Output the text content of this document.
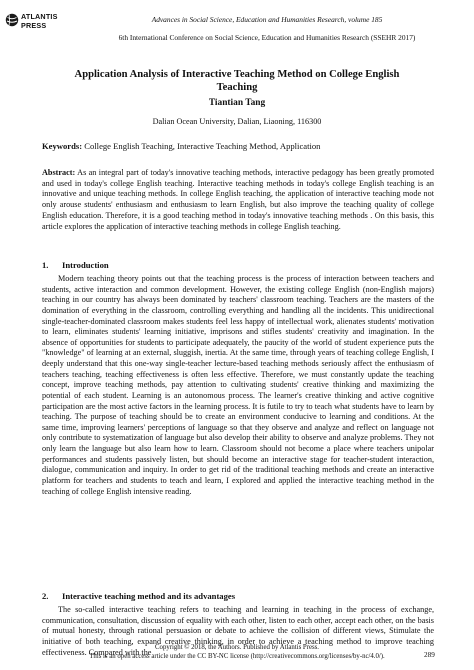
ATLANTIS
PRESS
Advances in Social Science, Education and Humanities Research, volume 185
6th International Conference on Social Science, Education and Humanities Research (SSEHR 2017)
Application Analysis of Interactive Teaching Method on College English
Teaching
Tiantian Tang
Dalian Ocean University, Dalian, Liaoning, 116300
Keywords: College English Teaching, Interactive Teaching Method, Application
Abstract: As an integral part of today's innovative teaching methods, interactive pedagogy has been greatly promoted and used in today's college English teaching. Interactive teaching methods in today's college English teaching is an innovative and unique teaching methods. In college English teaching, the application of interactive teaching mode not only arouse students' enthusiasm and enthusiasm to learn English, but also improve the teaching quality of college English education. Therefore, it is a good teaching method in today's innovative teaching methods . On this basis, this article explores the application of interactive teaching methods in college English teaching.
1. Introduction
Modern teaching theory points out that the teaching process is the process of interaction between teachers and students, active interaction and common development. However, the existing college English (non-English majors) teaching in our country has always been dominated by teachers' classroom teaching. Teachers are the masters of the domination of everything in the classroom, controlling everything and handling all the incidents. This unidirectional single-teacher-dominated classroom makes students feel less happy of intellectual work, alienates students' motivation to learn, eliminates students' learning initiative, imprisons and stifles students' creativity and imagination. In the absence of opportunities for students to participate adequately, the paucity of the world of student experience puts the "knowledge" of learning at an external, sluggish, inertia. At the same time, through years of teaching college English, I deeply understand that this one-way single-teacher lecture-based teaching methods seriously affect the enthusiasm of teachers teaching, teaching effectiveness is often less effective. Therefore, we must constantly update the teaching concept, improve teaching methods, pay attention to cultivating students' creative thinking and maximizing the potential of each student. Learning is an autonomous process. The learner's creative thinking and active cognitive participation are the most active factors in the learning process. It is futile to try to teach what students have to learn by teaching. The purpose of teaching should be to create an environment conducive to learning and conditions. At the same time, improving learners' perceptions of language so that they observe and analyze and reflect on language not only contribute to systematization of language but also develop their ability to observe and analyze problems. They not only learn the language but also learn how to learn. Classroom should not become a place where teachers unipolar performances and students passively listen, but should become an interactive stage for teacher-student interaction, dialogue, communication and inquiry. In order to get rid of the traditional teaching methods and create an interactive platform for teachers and students to teach and learn, I explored and applied the interactive teaching method in the teaching of college English intensive reading.
2. Interactive teaching method and its advantages
The so-called interactive teaching refers to teaching and learning in teaching in the process of exchange, communication, consultation, discussion of equality with each other, listen to each other, accept each other, on the basis of mutual honesty, through rational persuasion or debate to achieve the collision of different views, Stimulate the initiative of both teaching, expand creative thinking, in order to achieve a teaching method to improve teaching effectiveness. Compared with the Copyright © 2018, the Authors. Published by Atlantis Press.
This is an open access article under the CC BY-NC license (http://creativecommons.org/licenses/by-nc/4.0/).	289
